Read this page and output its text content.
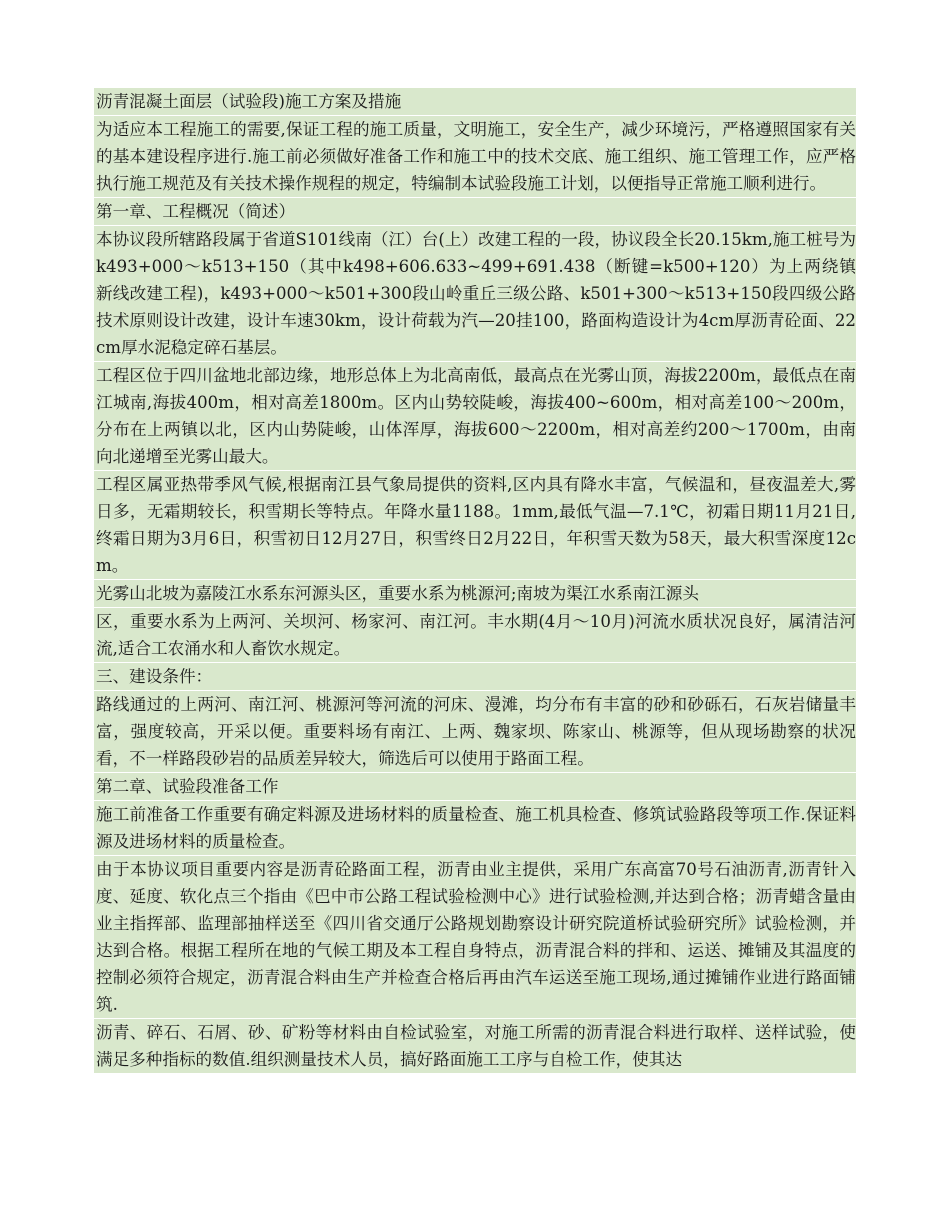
沥青混凝土面层（试验段)施工方案及措施

为适应本工程施工的需要,保证工程的施工质量，文明施工，安全生产，减少环境污，严格遵照国家有关的基本建设程序进行.施工前必须做好准备工作和施工中的技术交底、施工组织、施工管理工作，应严格执行施工规范及有关技术操作规程的规定，特编制本试验段施工计划，以便指导正常施工顺利进行。

第一章、工程概况（简述）

本协议段所辖路段属于省道S101线南（江）台(上）改建工程的一段，协议段全长20.15km,施工桩号为k493+000～k513+150（其中k498+606.633~499+691.438（断键=k500+120）为上两绕镇新线改建工程)，k493+000～k501+300段山岭重丘三级公路、k501+300～k513+150段四级公路技术原则设计改建，设计车速30km，设计荷载为汽—20挂100，路面构造设计为4cm厚沥青砼面、22cm厚水泥稳定碎石基层。

工程区位于四川盆地北部边缘，地形总体上为北高南低，最高点在光雾山顶，海拔2200m，最低点在南江城南,海拔400m，相对高差1800m。区内山势较陡峻，海拔400~600m，相对高差100～200m，分布在上两镇以北，区内山势陡峻，山体浑厚，海拔600～2200m，相对高差约200～1700m，由南向北递增至光雾山最大。

工程区属亚热带季风气候,根据南江县气象局提供的资料,区内具有降水丰富，气候温和，昼夜温差大,雾日多，无霜期较长，积雪期长等特点。年降水量1188。1mm,最低气温—7.1℃，初霜日期11月21日,终霜日期为3月6日，积雪初日12月27日，积雪终日2月22日，年积雪天数为58天，最大积雪深度12cm。

光雾山北坡为嘉陵江水系东河源头区，重要水系为桃源河;南坡为渠江水系南江源头

区，重要水系为上两河、关坝河、杨家河、南江河。丰水期(4月～10月)河流水质状况良好，属清洁河流,适合工农涌水和人畜饮水规定。

三、建设条件：

路线通过的上两河、南江河、桃源河等河流的河床、漫滩，均分布有丰富的砂和砂砾石，石灰岩储量丰富，强度较高，开采以便。重要料场有南江、上两、魏家坝、陈家山、桃源等，但从现场勘察的状况看，不一样路段砂岩的品质差异较大，筛选后可以使用于路面工程。

第二章、试验段准备工作

施工前准备工作重要有确定料源及进场材料的质量检查、施工机具检查、修筑试验路段等项工作.保证料源及进场材料的质量检查。

由于本协议项目重要内容是沥青砼路面工程，沥青由业主提供，采用广东高富70号石油沥青,沥青针入度、延度、软化点三个指由《巴中市公路工程试验检测中心》进行试验检测,并达到合格；沥青蜡含量由业主指挥部、监理部抽样送至《四川省交通厅公路规划勘察设计研究院道桥试验研究所》试验检测，并达到合格。根据工程所在地的气候工期及本工程自身特点，沥青混合料的拌和、运送、摊铺及其温度的控制必须符合规定，沥青混合料由生产并检查合格后再由汽车运送至施工现场,通过摊铺作业进行路面铺筑.

沥青、碎石、石屑、砂、矿粉等材料由自检试验室，对施工所需的沥青混合料进行取样、送样试验，使满足多种指标的数值.组织测量技术人员，搞好路面施工工序与自检工作，使其达
